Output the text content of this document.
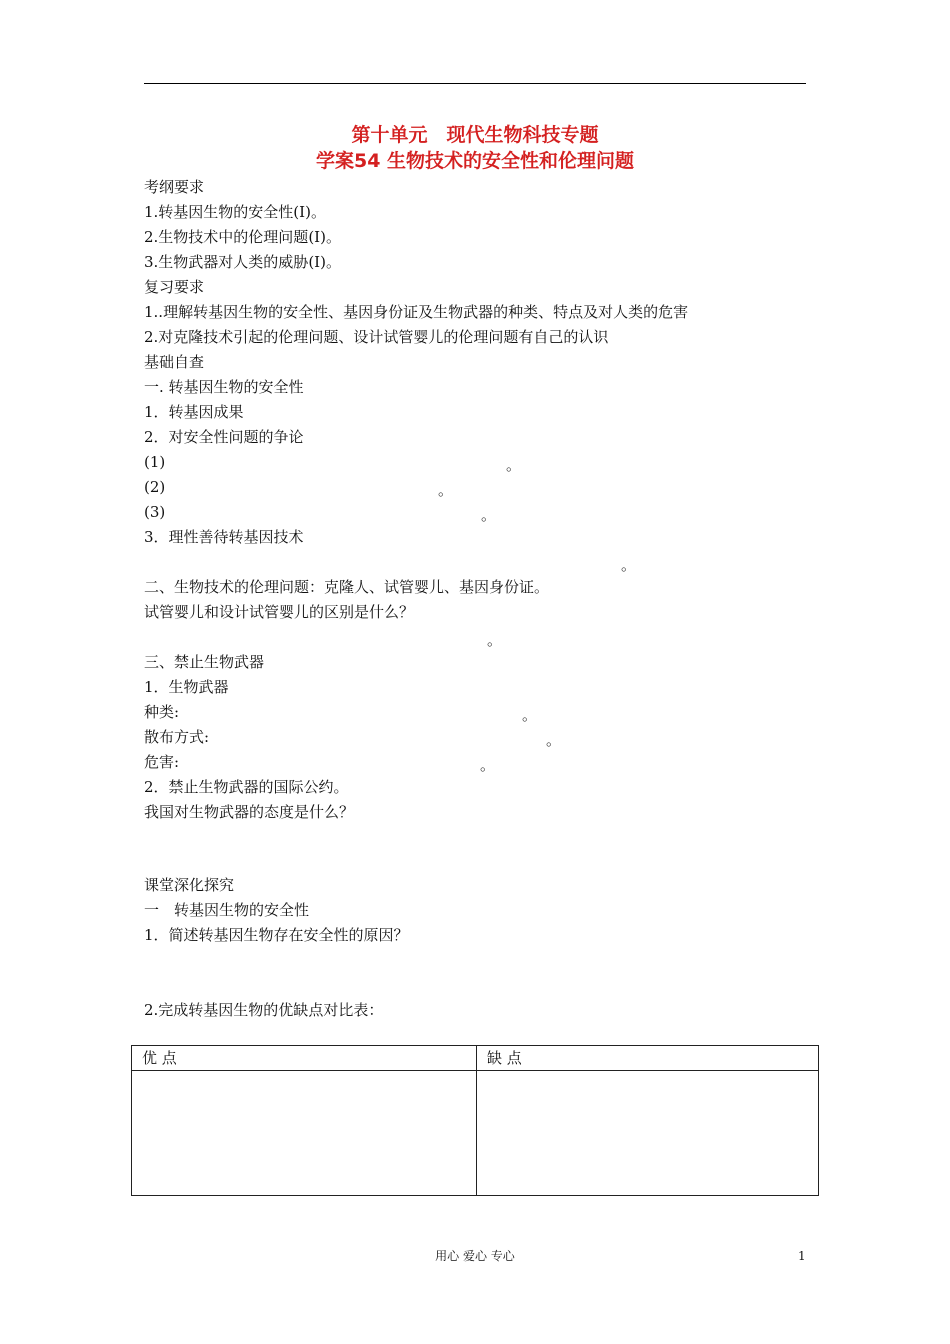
第十单元　现代生物科技专题
学案54 生物技术的安全性和伦理问题
考纲要求
1.转基因生物的安全性(Ⅰ)。
2.生物技术中的伦理问题(Ⅰ)。
3.生物武器对人类的威胁(Ⅰ)。
复习要求
1..理解转基因生物的安全性、基因身份证及生物武器的种类、特点及对人类的危害
2.对克隆技术引起的伦理问题、设计试管婴儿的伦理问题有自己的认识
基础自查
一. 转基因生物的安全性
1．转基因成果
2．对安全性问题的争论
(1)	。
(2)	。
(3)	。
3．理性善待转基因技术
。
二、生物技术的伦理问题：克隆人、试管婴儿、基因身份证。
试管婴儿和设计试管婴儿的区别是什么？
。
三、禁止生物武器
1．生物武器
种类:	。
散布方式:	。
危害:	。
2．禁止生物武器的国际公约。
我国对生物武器的态度是什么？
课堂深化探究
一　转基因生物的安全性
1．简述转基因生物存在安全性的原因？
2.完成转基因生物的优缺点对比表：
优 点	缺 点

用心 爱心 专心	1
